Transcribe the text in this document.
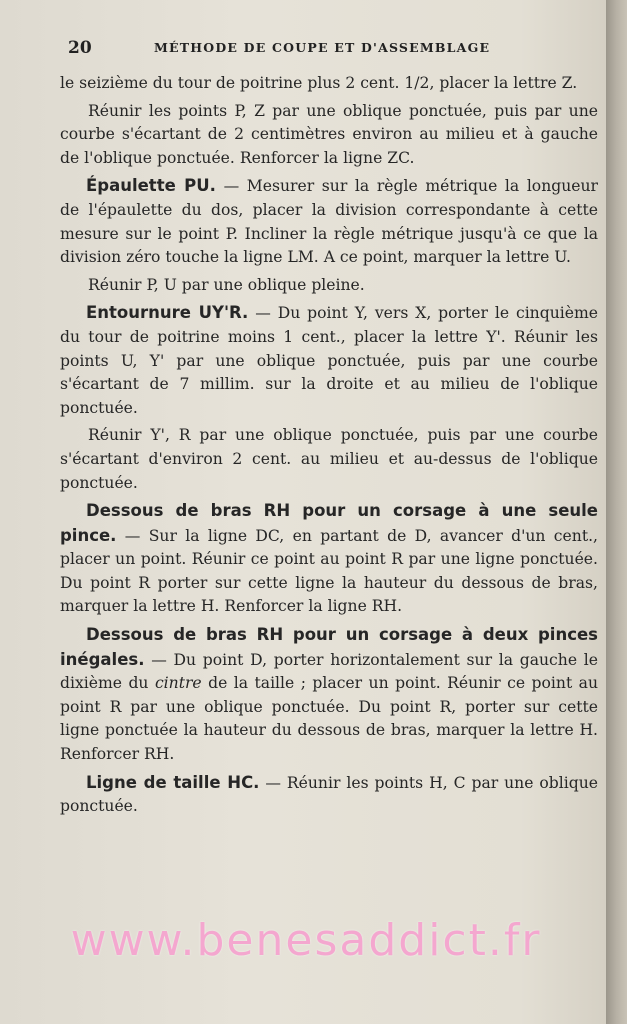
20	MÉTHODE DE COUPE ET D'ASSEMBLAGE

le seizième du tour de poitrine plus 2 cent. 1/2, placer la lettre Z.

Réunir les points P, Z par une oblique ponctuée, puis par une courbe s'écartant de 2 centimètres environ au milieu et à gauche de l'oblique ponctuée. Renforcer la ligne ZC.

Épaulette PU. — Mesurer sur la règle métrique la longueur de l'épaulette du dos, placer la division correspondante à cette mesure sur le point P. Incliner la règle métrique jusqu'à ce que la division zéro touche la ligne LM. A ce point, marquer la lettre U.

Réunir P, U par une oblique pleine.

Entournure UY'R. — Du point Y, vers X, porter le cinquième du tour de poitrine moins 1 cent., placer la lettre Y'. Réunir les points U, Y' par une oblique ponctuée, puis par une courbe s'écartant de 7 millim. sur la droite et au milieu de l'oblique ponctuée.

Réunir Y', R par une oblique ponctuée, puis par une courbe s'écartant d'environ 2 cent. au milieu et au-dessus de l'oblique ponctuée.

Dessous de bras RH pour un corsage à une seule pince. — Sur la ligne DC, en partant de D, avancer d'un cent., placer un point. Réunir ce point au point R par une ligne ponctuée. Du point R porter sur cette ligne la hauteur du dessous de bras, marquer la lettre H. Renforcer la ligne RH.

Dessous de bras RH pour un corsage à deux pinces inégales. — Du point D, porter horizontalement sur la gauche le dixième du cintre de la taille ; placer un point. Réunir ce point au point R par une oblique ponctuée. Du point R, porter sur cette ligne ponctuée la hauteur du dessous de bras, marquer la lettre H. Renforcer RH.

Ligne de taille HC. — Réunir les points H, C par une oblique ponctuée.

www.benesaddict.fr
